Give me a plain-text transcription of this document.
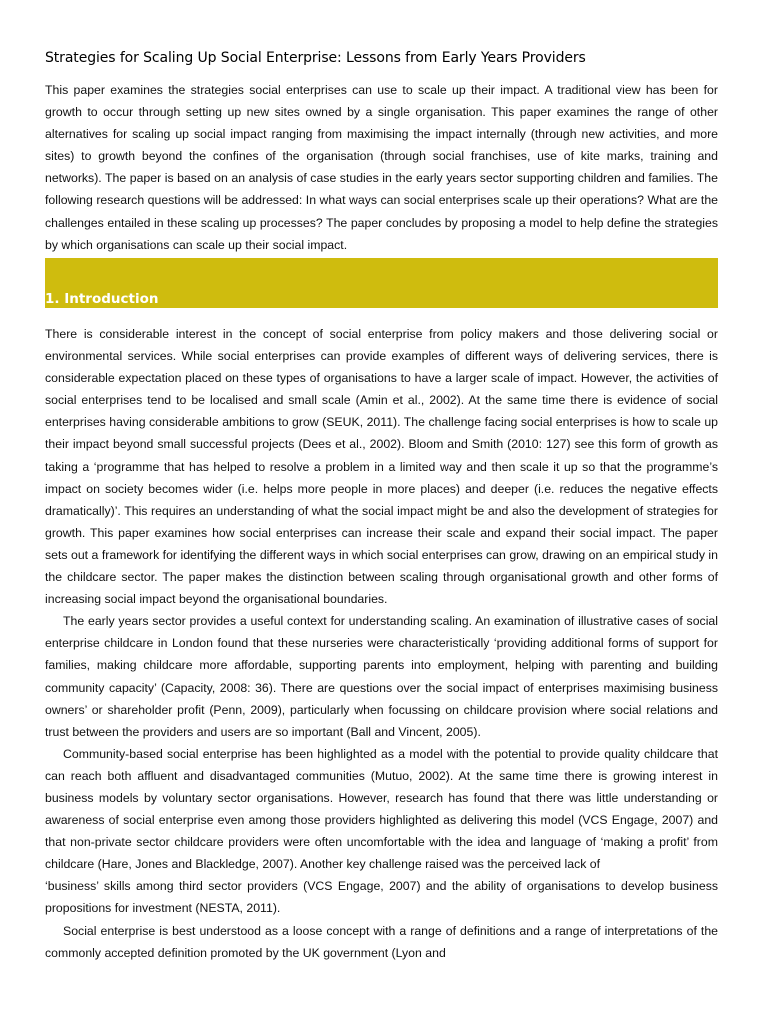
Strategies for Scaling Up Social Enterprise: Lessons from Early Years Providers

This paper examines the strategies social enterprises can use to scale up their impact. A traditional view has been for growth to occur through setting up new sites owned by a single organisation. This paper examines the range of other alternatives for scaling up social impact ranging from maximising the impact internally (through new activities, and more sites) to growth beyond the confines of the organisation (through social franchises, use of kite marks, training and networks). The paper is based on an analysis of case studies in the early years sector supporting children and families. The following research questions will be addressed: In what ways can social enterprises scale up their operations? What are the challenges entailed in these scaling up processes? The paper concludes by proposing a model to help define the strategies by which organisations can scale up their social impact.

1. Introduction

There is considerable interest in the concept of social enterprise from policy makers and those delivering social or environmental services. While social enterprises can provide examples of different ways of delivering services, there is considerable expectation placed on these types of organisations to have a larger scale of impact. However, the activities of social enterprises tend to be localised and small scale (Amin et al., 2002). At the same time there is evidence of social enterprises having considerable ambitions to grow (SEUK, 2011). The challenge facing social enterprises is how to scale up their impact beyond small successful projects (Dees et al., 2002). Bloom and Smith (2010: 127) see this form of growth as taking a ‘programme that has helped to resolve a problem in a limited way and then scale it up so that the programme’s impact on society becomes wider (i.e. helps more people in more places) and deeper (i.e. reduces the negative effects dramatically)’. This requires an understanding of what the social impact might be and also the development of strategies for growth. This paper examines how social enterprises can increase their scale and expand their social impact. The paper sets out a framework for identifying the different ways in which social enterprises can grow, drawing on an empirical study in the childcare sector. The paper makes the distinction between scaling through organisational growth and other forms of increasing social impact beyond the organisational boundaries.

The early years sector provides a useful context for understanding scaling. An examination of illustrative cases of social enterprise childcare in London found that these nurseries were characteristically ‘providing additional forms of support for families, making childcare more affordable, supporting parents into employment, helping with parenting and building community capacity’ (Capacity, 2008: 36). There are questions over the social impact of enterprises maximising business owners’ or shareholder profit (Penn, 2009), particularly when focussing on childcare provision where social relations and trust between the providers and users are so important (Ball and Vincent, 2005).

Community-based social enterprise has been highlighted as a model with the potential to provide quality childcare that can reach both affluent and disadvantaged communities (Mutuo, 2002). At the same time there is growing interest in business models by voluntary sector organisations. However, research has found that there was little understanding or awareness of social enterprise even among those providers highlighted as delivering this model (VCS Engage, 2007) and that non-private sector childcare providers were often uncomfortable with the idea and language of ‘making a profit’ from childcare (Hare, Jones and Blackledge, 2007). Another key challenge raised was the perceived lack of

‘business’ skills among third sector providers (VCS Engage, 2007) and the ability of organisations to develop business propositions for investment (NESTA, 2011).

Social enterprise is best understood as a loose concept with a range of definitions and a range of interpretations of the commonly accepted definition promoted by the UK government (Lyon and
